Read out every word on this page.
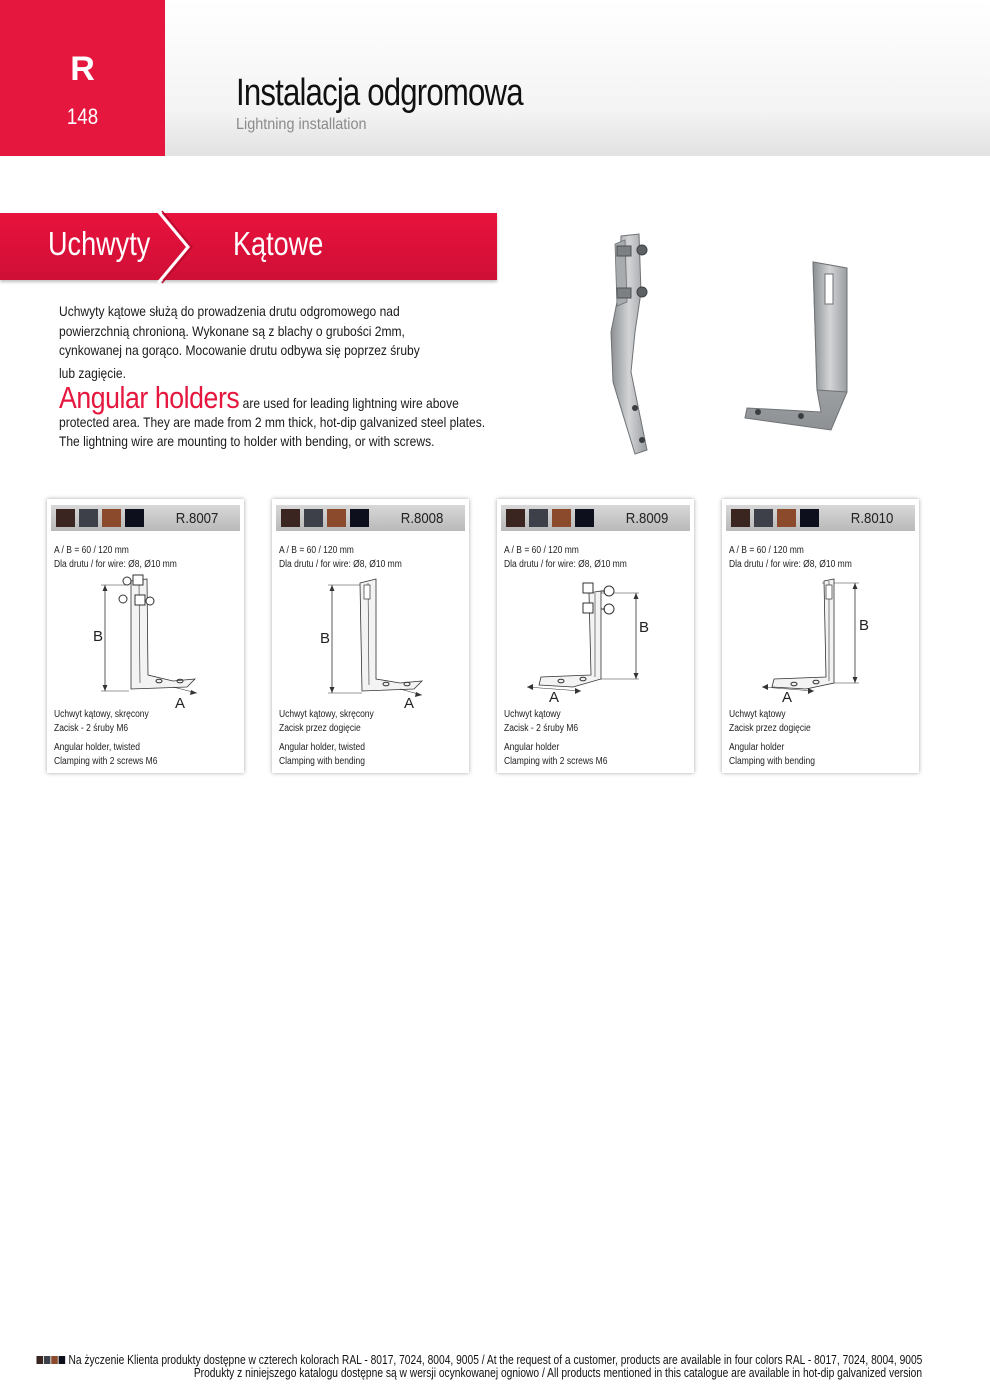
R
148
Instalacja odgromowa
Lightning installation
Uchwyty	Kątowe
Uchwyty kątowe służą do prowadzenia drutu odgromowego nad
powierzchnią chronioną. Wykonane są z blachy o grubości 2mm,
cynkowanej na gorąco. Mocowanie drutu odbywa się poprzez śruby
lub zagięcie.
Angular holders are used for leading lightning wire above
protected area. They are made from 2 mm thick, hot-dip galvanized steel plates.
The lightning wire are mounting to holder with bending, or with screws.
R.8007
A / B = 60 / 120 mm
Dla drutu / for wire: Ø8, Ø10 mm
A
B
Uchwyt kątowy, skręcony
Zacisk - 2 śruby M6
Angular holder, twisted
Clamping with 2 screws M6
R.8008
A / B = 60 / 120 mm
Dla drutu / for wire: Ø8, Ø10 mm
A
B
Uchwyt kątowy, skręcony
Zacisk przez dogięcie
Angular holder, twisted
Clamping with bending
R.8009
A / B = 60 / 120 mm
Dla drutu / for wire: Ø8, Ø10 mm
A
B
Uchwyt kątowy
Zacisk - 2 śruby M6
Angular holder
Clamping with 2 screws M6
R.8010
A / B = 60 / 120 mm
Dla drutu / for wire: Ø8, Ø10 mm
A
B
Uchwyt kątowy
Zacisk przez dogięcie
Angular holder
Clamping with bending
Na życzenie Klienta produkty dostępne w czterech kolorach RAL - 8017, 7024, 8004, 9005 / At the request of a customer, products are available in four colors RAL - 8017, 7024, 8004, 9005
Produkty z niniejszego katalogu dostępne są w wersji ocynkowanej ogniowo / All products mentioned in this catalogue are available in hot-dip galvanized version
